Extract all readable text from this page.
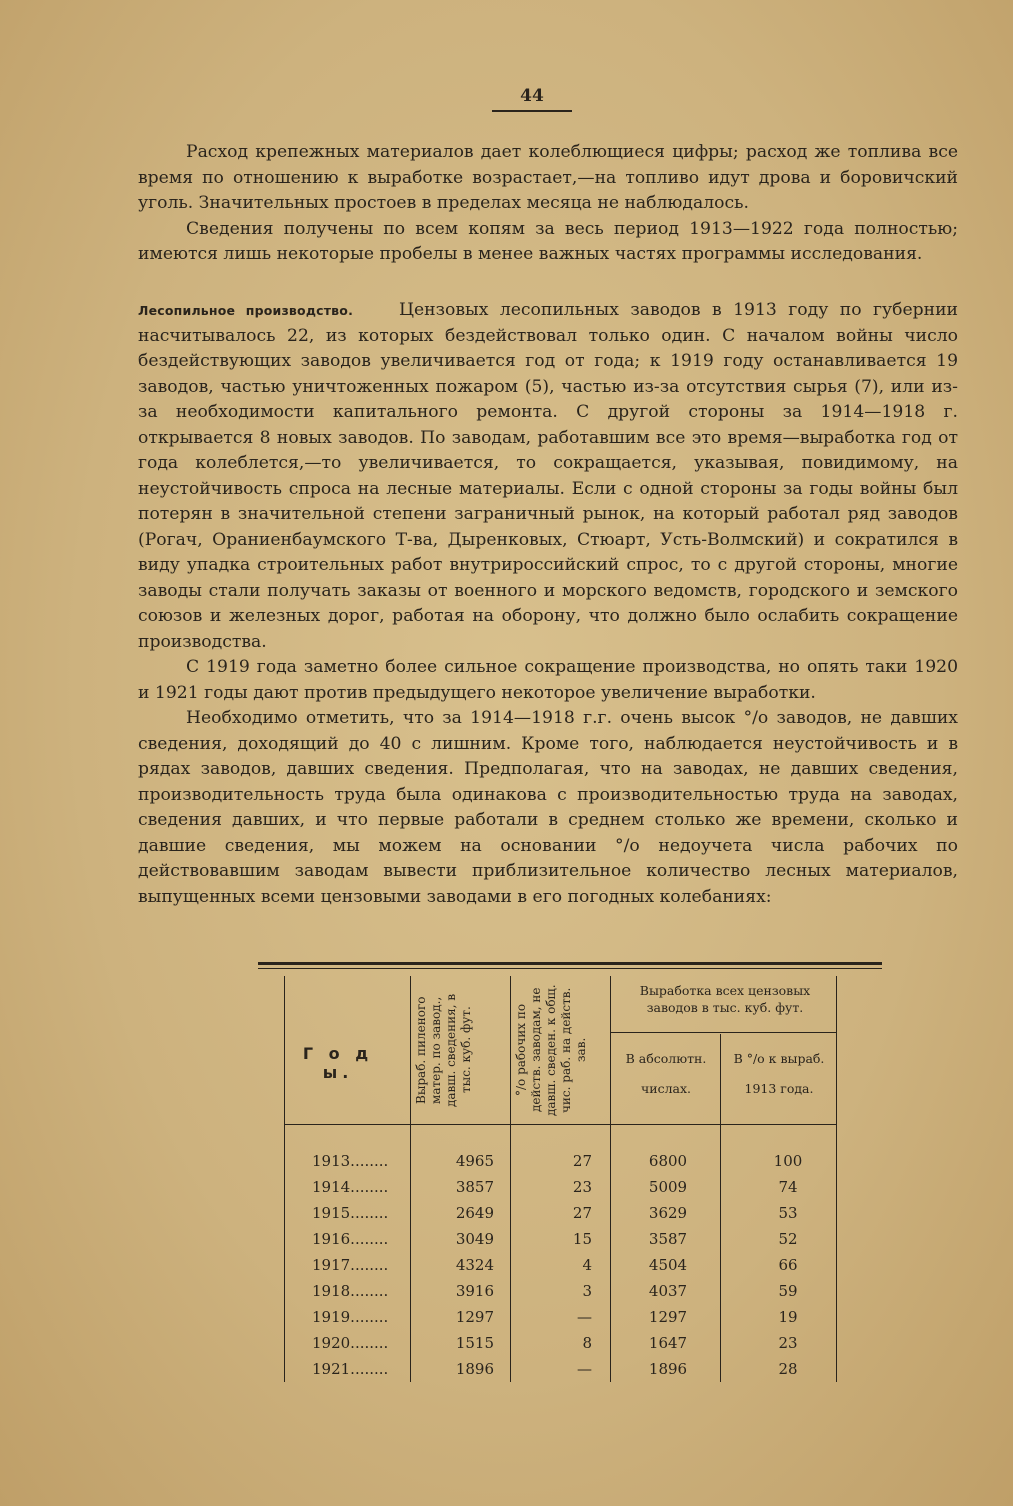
44

Расход крепежных материалов дает колеблющиеся цифры; расход же топлива все время по отношению к выработке возрастает,—на топливо идут дрова и боровичский уголь. Значительных простоев в пределах месяца не наблюдалось.

Сведения получены по всем копям за весь период 1913—1922 года полностью; имеются лишь некоторые пробелы в менее важных частях программы исследования.

Лесопильное производство.	Цензовых лесопильных заводов в 1913 году по губернии насчитывалось 22, из которых бездействовал только один. С началом войны число бездействующих заводов увеличивается год от года; к 1919 году останавливается 19 заводов, частью уничтоженных пожаром (5), частью из-за отсутствия сырья (7), или из-за необходимости капитального ремонта. С другой стороны за 1914—1918 г. открывается 8 новых заводов. По заводам, работавшим все это время—выработка год от года колеблется,—то увеличивается, то сокращается, указывая, повидимому, на неустойчивость спроса на лесные материалы. Если с одной стороны за годы войны был потерян в значительной степени заграничный рынок, на который работал ряд заводов (Рогач, Ораниенбаумского Т-ва, Дыренковых, Стюарт, Усть-Волмский) и сократился в виду упадка строительных работ внутрироссийский спрос, то с другой стороны, многие заводы стали получать заказы от военного и морского ведомств, городского и земского союзов и железных дорог, работая на оборону, что должно было ослабить сокращение производства.

С 1919 года заметно более сильное сокращение производства, но опять таки 1920 и 1921 годы дают против предыдущего некоторое увеличение выработки.

Необходимо отметить, что за 1914—1918 г.г. очень высок °/о заводов, не давших сведения, доходящий до 40 с лишним. Кроме того, наблюдается неустойчивость и в рядах заводов, давших сведения. Предполагая, что на заводах, не давших сведения, производительность труда была одинакова с производительностью труда на заводах, сведения давших, и что первые работали в среднем столько же времени, сколько и давшие сведения, мы можем на основании °/о недоучета числа рабочих по действовавшим заводам вывести приблизительное количество лесных материалов, выпущенных всеми цензовыми заводами в его погодных колебаниях:

Г о д ы.	Выраб. пиленого матер. по завод., давш. сведения, в тыс. куб. фут.	°/о рабочих по действ. заводам, не давш. сведен. к общ. чис. раб. на действ. зав.
Выработка всех цензовых заводов в тыс. куб. фут.
В абсолютн. числах.
В °/о к выраб. 1913 года.
1913........	4965	27	6800	100
1914........	3857	23	5009	74
1915........	2649	27	3629	53
1916........	3049	15	3587	52
1917........	4324	4	4504	66
1918........	3916	3	4037	59
1919........	1297	—	1297	19
1920........	1515	8	1647	23
1921........	1896	—	1896	28
